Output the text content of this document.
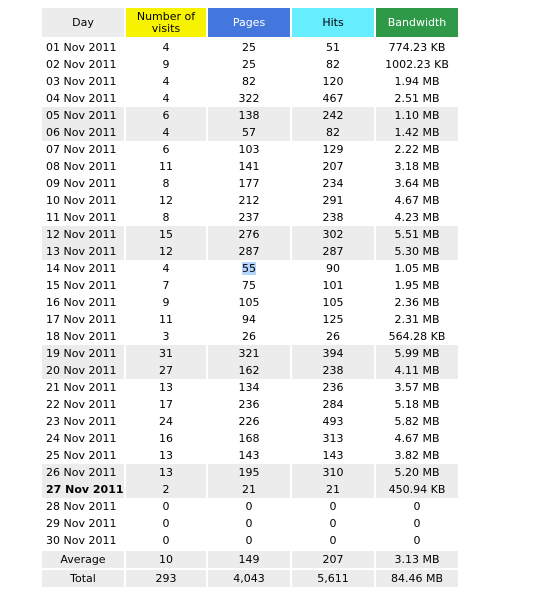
Day	Number of visits	Pages	Hits	Bandwidth
01 Nov 2011	4	25	51	774.23 KB
02 Nov 2011	9	25	82	1002.23 KB
03 Nov 2011	4	82	120	1.94 MB
04 Nov 2011	4	322	467	2.51 MB
05 Nov 2011	6	138	242	1.10 MB
06 Nov 2011	4	57	82	1.42 MB
07 Nov 2011	6	103	129	2.22 MB
08 Nov 2011	11	141	207	3.18 MB
09 Nov 2011	8	177	234	3.64 MB
10 Nov 2011	12	212	291	4.67 MB
11 Nov 2011	8	237	238	4.23 MB
12 Nov 2011	15	276	302	5.51 MB
13 Nov 2011	12	287	287	5.30 MB
14 Nov 2011	4	55	90	1.05 MB
15 Nov 2011	7	75	101	1.95 MB
16 Nov 2011	9	105	105	2.36 MB
17 Nov 2011	11	94	125	2.31 MB
18 Nov 2011	3	26	26	564.28 KB
19 Nov 2011	31	321	394	5.99 MB
20 Nov 2011	27	162	238	4.11 MB
21 Nov 2011	13	134	236	3.57 MB
22 Nov 2011	17	236	284	5.18 MB
23 Nov 2011	24	226	493	5.82 MB
24 Nov 2011	16	168	313	4.67 MB
25 Nov 2011	13	143	143	3.82 MB
26 Nov 2011	13	195	310	5.20 MB
27 Nov 2011	2	21	21	450.94 KB
28 Nov 2011	0	0	0	0
29 Nov 2011	0	0	0	0
30 Nov 2011	0	0	0	0
Average	10	149	207	3.13 MB
Total	293	4,043	5,611	84.46 MB
